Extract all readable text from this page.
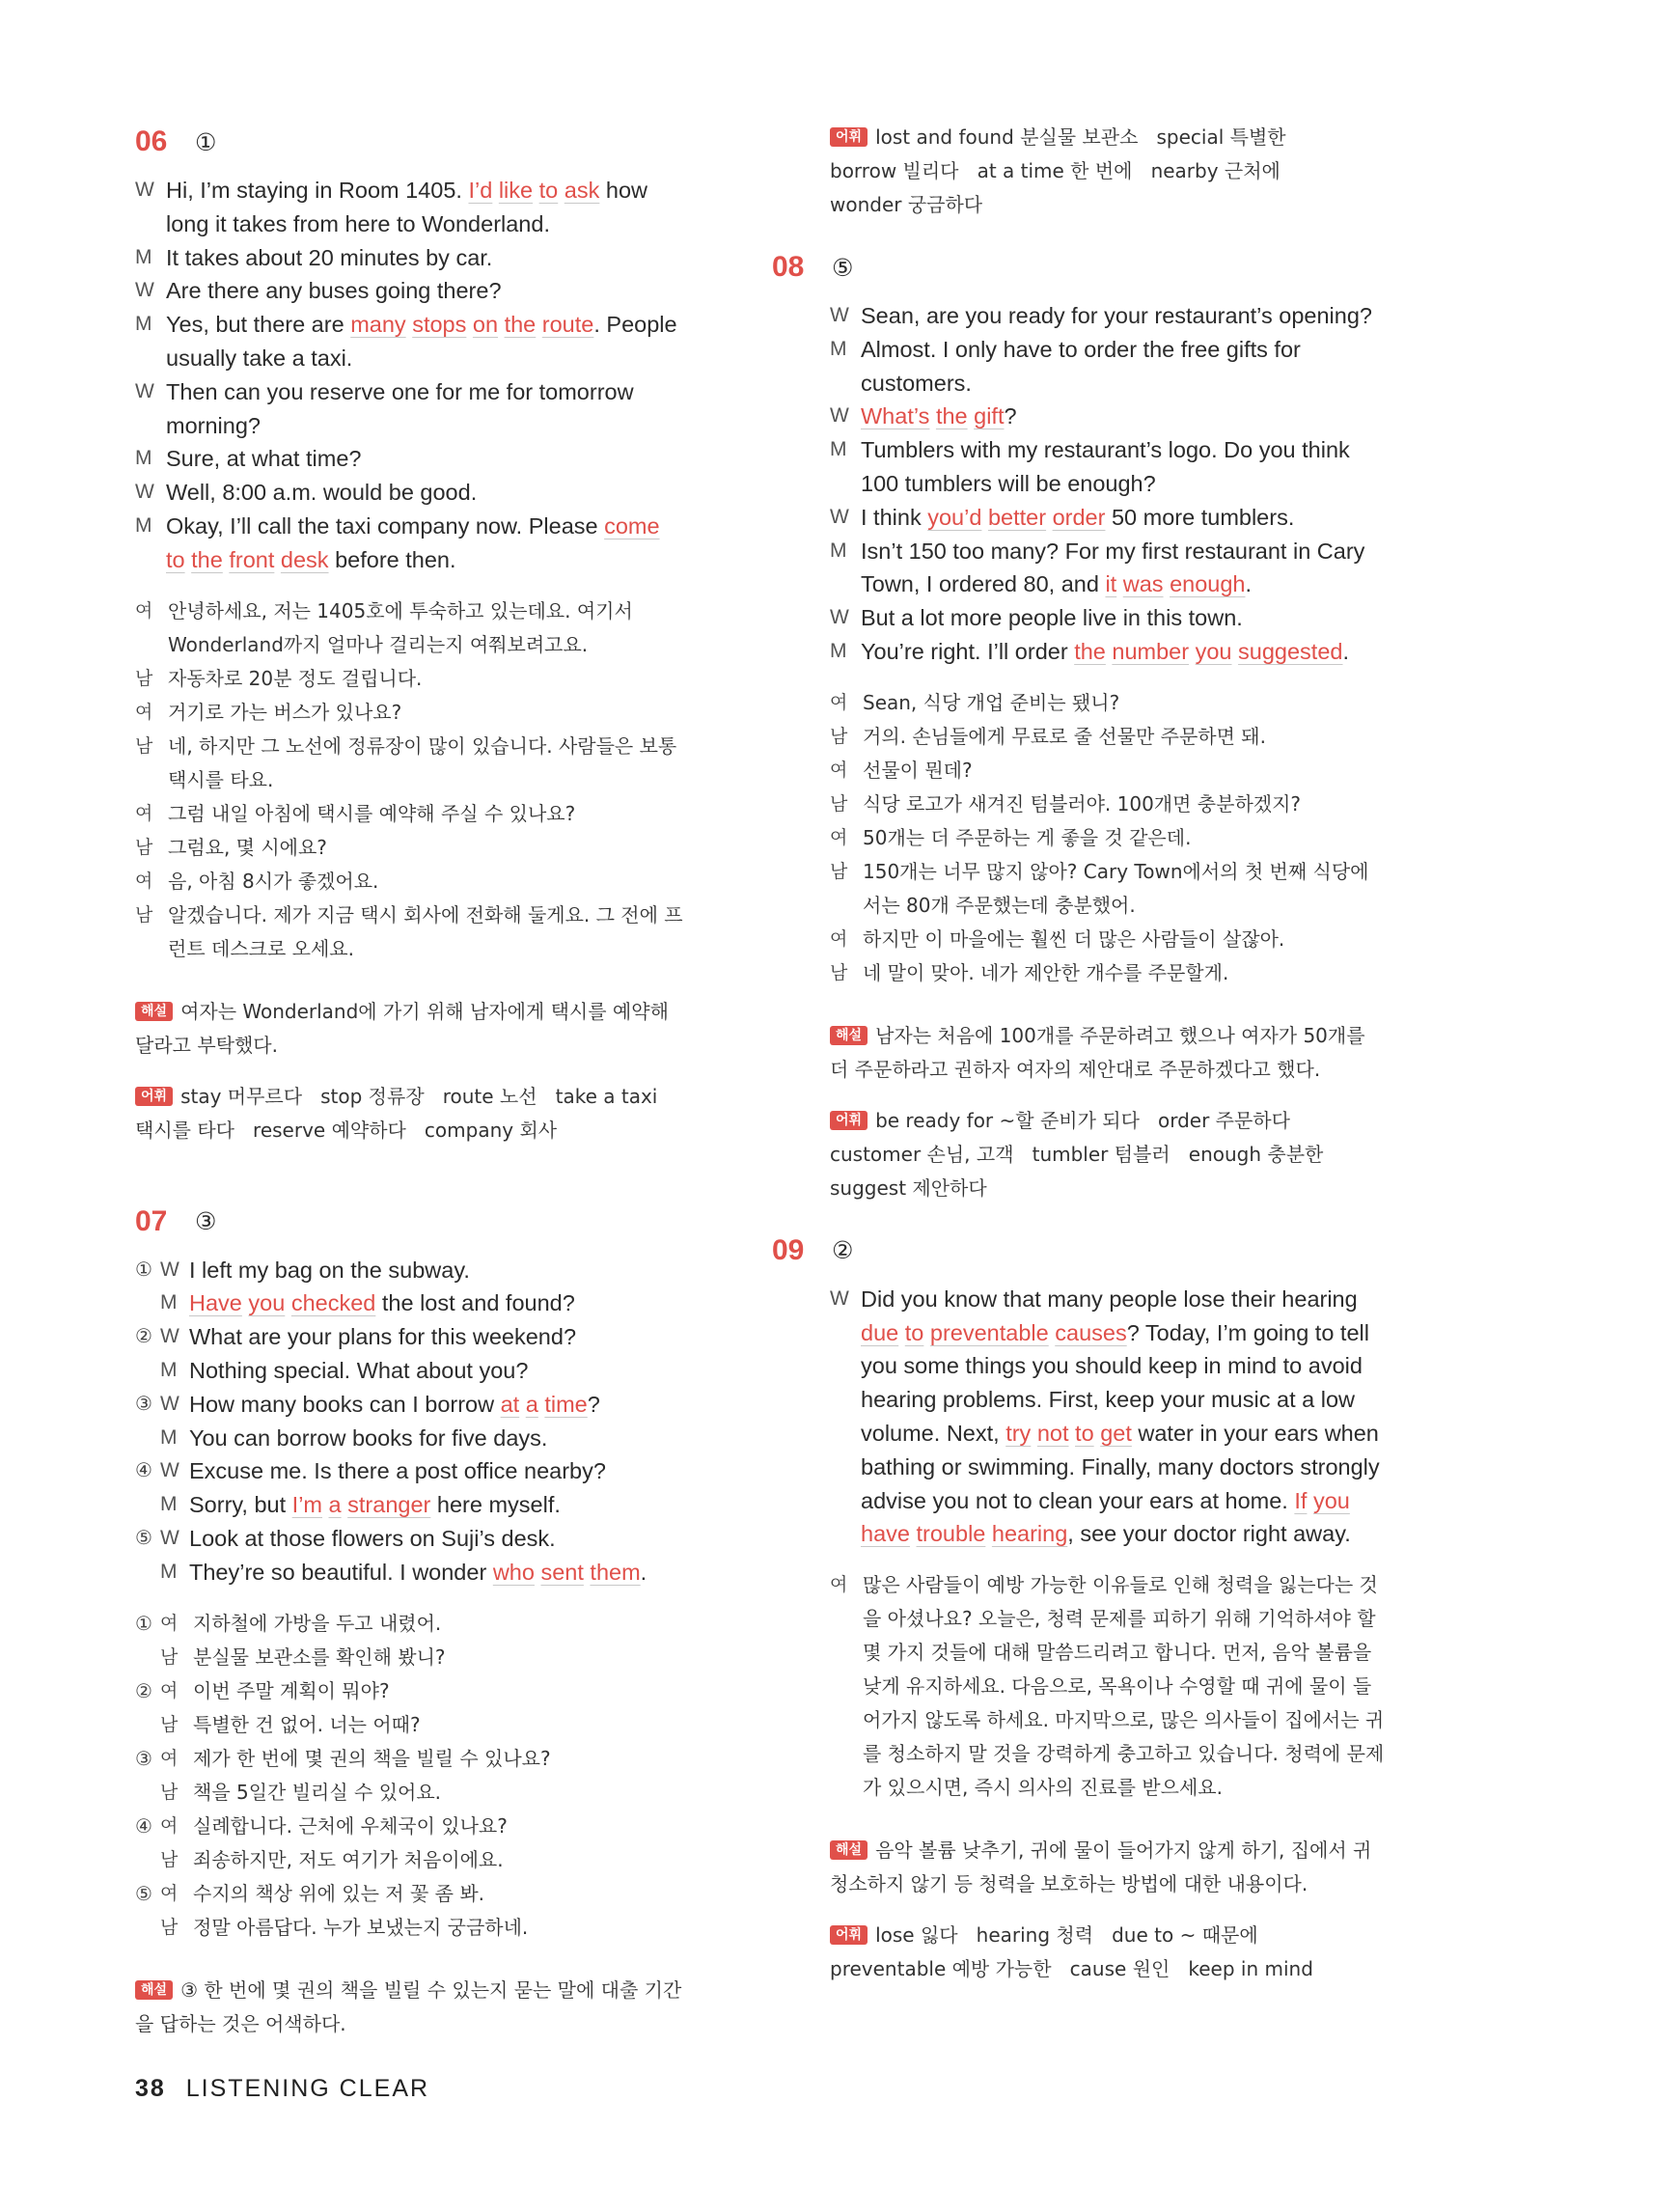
06	①
W Hi, I’m staying in Room 1405. I’d like to ask how
long it takes from here to Wonderland.
M It takes about 20 minutes by car.
W Are there any buses going there?
M Yes, but there are many stops on the route. People
usually take a taxi.
W Then can you reserve one for me for tomorrow
morning?
M Sure, at what time?
W Well, 8:00 a.m. would be good.
M Okay, I’ll call the taxi company now. Please come
to the front desk before then.
여 안녕하세요, 저는 1405호에 투숙하고 있는데요. 여기서
Wonderland까지 얼마나 걸리는지 여쭤보려고요.
남 자동차로 20분 정도 걸립니다.
여 거기로 가는 버스가 있나요?
남 네, 하지만 그 노선에 정류장이 많이 있습니다. 사람들은 보통
택시를 타요.
여 그럼 내일 아침에 택시를 예약해 주실 수 있나요?
남 그럼요, 몇 시에요?
여 음, 아침 8시가 좋겠어요.
남 알겠습니다. 제가 지금 택시 회사에 전화해 둘게요. 그 전에 프
런트 데스크로 오세요.
해설 여자는 Wonderland에 가기 위해 남자에게 택시를 예약해
달라고 부탁했다.
어휘 stay 머무르다   stop 정류장   route 노선   take a taxi
택시를 타다   reserve 예약하다   company 회사
07	③
① W I left my bag on the subway.
M Have you checked the lost and found?
② W What are your plans for this weekend?
M Nothing special. What about you?
③ W How many books can I borrow at a time?
M You can borrow books for five days.
④ W Excuse me. Is there a post office nearby?
M Sorry, but I’m a stranger here myself.
⑤ W Look at those flowers on Suji’s desk.
M They’re so beautiful. I wonder who sent them.
① 여 지하철에 가방을 두고 내렸어.
남 분실물 보관소를 확인해 봤니?
② 여 이번 주말 계획이 뭐야?
남 특별한 건 없어. 너는 어때?
③ 여 제가 한 번에 몇 권의 책을 빌릴 수 있나요?
남 책을 5일간 빌리실 수 있어요.
④ 여 실례합니다. 근처에 우체국이 있나요?
남 죄송하지만, 저도 여기가 처음이에요.
⑤ 여 수지의 책상 위에 있는 저 꽃 좀 봐.
남 정말 아름답다. 누가 보냈는지 궁금하네.
해설 ③ 한 번에 몇 권의 책을 빌릴 수 있는지 묻는 말에 대출 기간
을 답하는 것은 어색하다.
어휘 lost and found 분실물 보관소   special 특별한
borrow 빌리다   at a time 한 번에   nearby 근처에
wonder 궁금하다
08	⑤
W Sean, are you ready for your restaurant’s opening?
M Almost. I only have to order the free gifts for
customers.
W What’s the gift?
M Tumblers with my restaurant’s logo. Do you think
100 tumblers will be enough?
W I think you’d better order 50 more tumblers.
M Isn’t 150 too many? For my first restaurant in Cary
Town, I ordered 80, and it was enough.
W But a lot more people live in this town.
M You’re right. I’ll order the number you suggested.
여 Sean, 식당 개업 준비는 됐니?
남 거의. 손님들에게 무료로 줄 선물만 주문하면 돼.
여 선물이 뭔데?
남 식당 로고가 새겨진 텀블러야. 100개면 충분하겠지?
여 50개는 더 주문하는 게 좋을 것 같은데.
남 150개는 너무 많지 않아? Cary Town에서의 첫 번째 식당에
서는 80개 주문했는데 충분했어.
여 하지만 이 마을에는 훨씬 더 많은 사람들이 살잖아.
남 네 말이 맞아. 네가 제안한 개수를 주문할게.
해설 남자는 처음에 100개를 주문하려고 했으나 여자가 50개를
더 주문하라고 권하자 여자의 제안대로 주문하겠다고 했다.
어휘 be ready for ~할 준비가 되다   order 주문하다
customer 손님, 고객   tumbler 텀블러   enough 충분한
suggest 제안하다
09	②
W Did you know that many people lose their hearing
due to preventable causes? Today, I’m going to tell
you some things you should keep in mind to avoid
hearing problems. First, keep your music at a low
volume. Next, try not to get water in your ears when
bathing or swimming. Finally, many doctors strongly
advise you not to clean your ears at home. If you
have trouble hearing, see your doctor right away.
여 많은 사람들이 예방 가능한 이유들로 인해 청력을 잃는다는 것
을 아셨나요? 오늘은, 청력 문제를 피하기 위해 기억하셔야 할
몇 가지 것들에 대해 말씀드리려고 합니다. 먼저, 음악 볼륨을
낮게 유지하세요. 다음으로, 목욕이나 수영할 때 귀에 물이 들
어가지 않도록 하세요. 마지막으로, 많은 의사들이 집에서는 귀
를 청소하지 말 것을 강력하게 충고하고 있습니다. 청력에 문제
가 있으시면, 즉시 의사의 진료를 받으세요.
해설 음악 볼륨 낮추기, 귀에 물이 들어가지 않게 하기, 집에서 귀
청소하지 않기 등 청력을 보호하는 방법에 대한 내용이다.
어휘 lose 잃다   hearing 청력   due to ~ 때문에
preventable 예방 가능한   cause 원인   keep in mind
38 LISTENING CLEAR
